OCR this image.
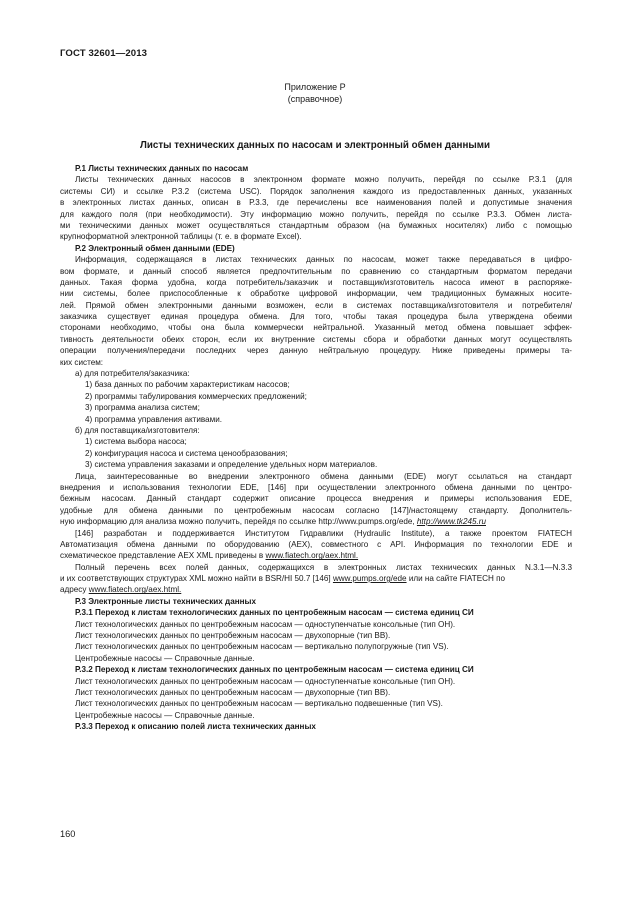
ГОСТ 32601—2013
Приложение Р
(справочное)
Листы технических данных по насосам и электронный обмен данными
Р.1 Листы технических данных по насосам
Листы технических данных насосов в электронном формате можно получить, перейдя по ссылке Р.3.1 (для
системы СИ) и ссылке Р.3.2 (система USC). Порядок заполнения каждого из предоставленных данных, указанных
в электронных листах данных, описан в Р.3.3, где перечислены все наименования полей и допустимые значения
для каждого поля (при необходимости). Эту информацию можно получить, перейдя по ссылке Р.3.3. Обмен листа-
ми техническими данных может осуществляться стандартным образом (на бумажных носителях) либо с помощью
крупноформатной электронной таблицы (т. е. в формате Excel).
Р.2 Электронный обмен данными (EDE)
Информация, содержащаяся в листах технических данных по насосам, может также передаваться в цифро-
вом формате, и данный способ является предпочтительным по сравнению со стандартным форматом передачи
данных. Такая форма удобна, когда потребитель/заказчик и поставщик/изготовитель насоса имеют в распоряже-
нии системы, более приспособленные к обработке цифровой информации, чем традиционных бумажных носите-
лей. Прямой обмен электронными данными возможен, если в системах поставщика/изготовителя и потребителя/
заказчика существует единая процедура обмена. Для того, чтобы такая процедура была утверждена обеими
сторонами необходимо, чтобы она была коммерчески нейтральной. Указанный метод обмена повышает эффек-
тивность деятельности обеих сторон, если их внутренние системы сбора и обработки данных могут осуществлять
операции получения/передачи последних через данную нейтральную процедуру. Ниже приведены примеры та-
ких систем:
а) для потребителя/заказчика:
1) база данных по рабочим характеристикам насосов;
2) программы табулирования коммерческих предложений;
3) программа анализа систем;
4) программа управления активами.
б) для поставщика/изготовителя:
1) система выбора насоса;
2) конфигурация насоса и система ценообразования;
3) система управления заказами и определение удельных норм материалов.
Лица, заинтересованные во внедрении электронного обмена данными (EDE) могут ссылаться на стандарт
внедрения и использования технологии EDE, [146] при осуществлении электронного обмена данными по центро-
бежным насосам. Данный стандарт содержит описание процесса внедрения и примеры использования EDE,
удобные для обмена данными по центробежным насосам согласно [147]/настоящему стандарту. Дополнитель-
ную информацию для анализа можно получить, перейдя по ссылке http://www.pumps.org/ede, http://www.tk245.ru
[146] разработан и поддерживается Институтом Гидравлики (Hydraulic Institute), а также проектом FIATECH
Автоматизация обмена данными по оборудованию (AEX), совместного с API. Информация по технологии EDE и
схематическое представление AEX XML приведены в www.fiatech.org/aex.html.
Полный перечень всех полей данных, содержащихся в электронных листах технических данных N.3.1—N.3.3
и их соответствующих структурах XML можно найти в BSR/HI 50.7 [146] www.pumps.org/ede или на сайте FIATECH по
адресу www.fiatech.org/aex.html.
Р.3 Электронные листы технических данных
Р.3.1 Переход к листам технологических данных по центробежным насосам — система единиц СИ
Лист технологических данных по центробежным насосам — одноступенчатые консольные (тип ОН).
Лист технологических данных по центробежным насосам — двухопорные (тип ВВ).
Лист технологических данных по центробежным насосам — вертикально полупогружные (тип VS).
Центробежные насосы — Справочные данные.
Р.3.2 Переход к листам технологических данных по центробежным насосам — система единиц СИ
Лист технологических данных по центробежным насосам — одноступенчатые консольные (тип ОН).
Лист технологических данных по центробежным насосам — двухопорные (тип ВВ).
Лист технологических данных по центробежным насосам — вертикально подвешенные (тип VS).
Центробежные насосы — Справочные данные.
Р.3.3 Переход к описанию полей листа технических данных
160
